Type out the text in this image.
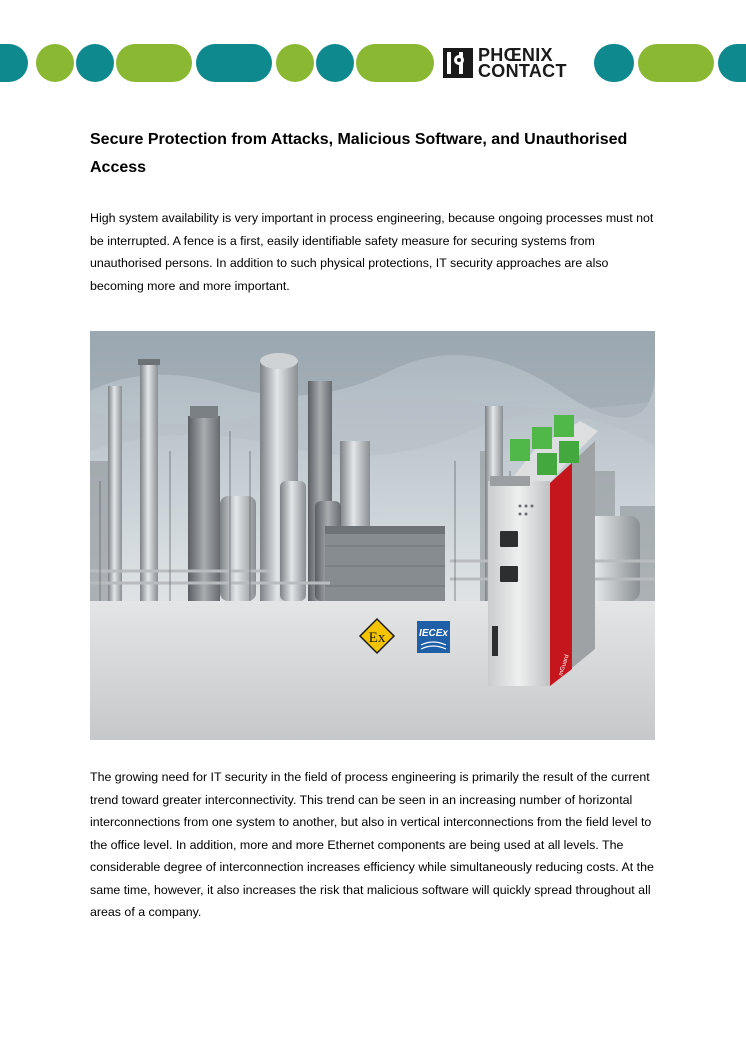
PHŒNIX
CONTACT
Secure Protection from Attacks, Malicious Software, and Unauthorised Access

High system availability is very important in process engineering, because ongoing processes must not be interrupted. A fence is a first, easily identifiable safety measure for securing systems from unauthorised persons. In addition to such physical protections, IT security approaches are also becoming more and more important.

Ex	IECEx
mGuard

The growing need for IT security in the field of process engineering is primarily the result of the current trend toward greater interconnectivity. This trend can be seen in an increasing number of horizontal interconnections from one system to another, but also in vertical interconnections from the field level to the office level. In addition, more and more Ethernet components are being used at all levels. The considerable degree of interconnection increases efficiency while simultaneously reducing costs. At the same time, however, it also increases the risk that malicious software will quickly spread throughout all areas of a company.
